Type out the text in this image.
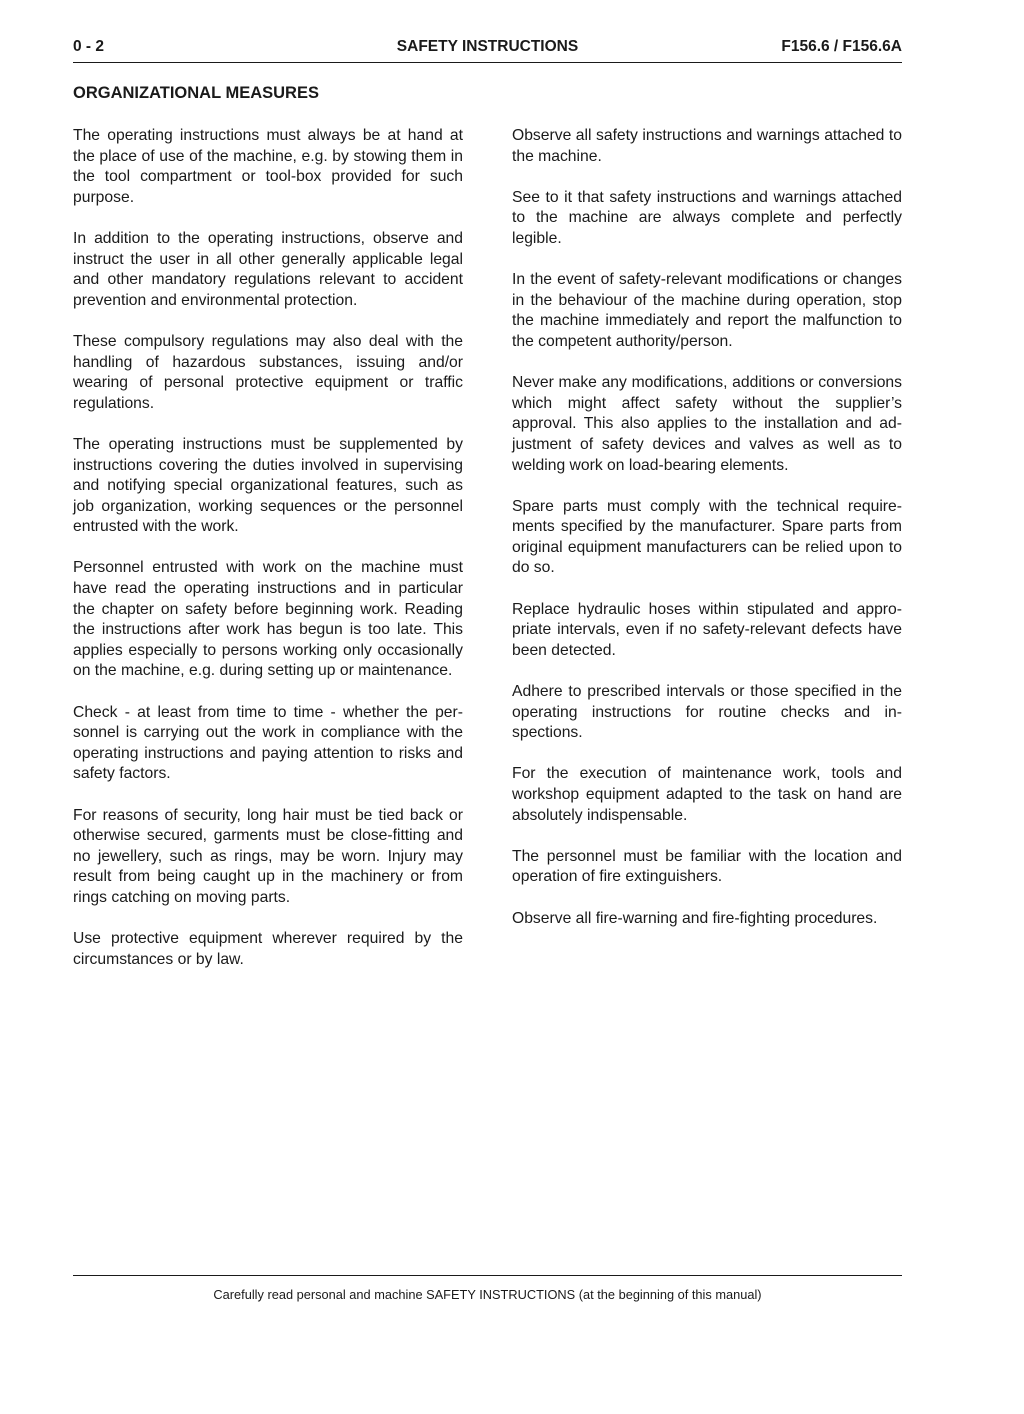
0 - 2	SAFETY INSTRUCTIONS	F156.6 / F156.6A
ORGANIZATIONAL MEASURES

The operating instructions must always be at hand at the place of use of the machine, e.g. by stowing them in the tool compartment or tool-box provided for such purpose.

In addition to the operating instructions, observe and instruct the user in all other generally applicable legal and other mandatory regulations relevant to accident prevention and environmental protection.

These compulsory regulations may also deal with the handling of hazardous substances, issuing and/or wearing of personal protective equipment or traffic regulations.

The operating instructions must be supplemented by instructions covering the duties involved in supervising and notifying special organizational features, such as job organization, working sequences or the personnel entrusted with the work.

Personnel entrusted with work on the machine must have read the operating instructions and in particular the chapter on safety before beginning work. Reading the instructions after work has begun is too late. This applies especially to persons working only occasionally on the machine, e.g. during setting up or maintenance.

Check - at least from time to time - whether the personnel is carrying out the work in compliance with the operating instructions and paying attention to risks and safety factors.

For reasons of security, long hair must be tied back or otherwise secured, garments must be close-fitting and no jewellery, such as rings, may be worn. Injury may result from being caught up in the machinery or from rings catching on moving parts.

Use protective equipment wherever required by the circumstances or by law.

Observe all safety instructions and warnings attached to the machine.

See to it that safety instructions and warnings attached to the machine are always complete and perfectly legible.

In the event of safety-relevant modifications or changes in the behaviour of the machine during operation, stop the machine immediately and report the malfunction to the competent authority/person.

Never make any modifications, additions or conversions which might affect safety without the supplier’s approval. This also applies to the installation and adjustment of safety devices and valves as well as to welding work on load-bearing elements.

Spare parts must comply with the technical requirements specified by the manufacturer. Spare parts from original equipment manufacturers can be relied upon to do so.

Replace hydraulic hoses within stipulated and appropriate intervals, even if no safety-relevant defects have been detected.

Adhere to prescribed intervals or those specified in the operating instructions for routine checks and inspections.

For the execution of maintenance work, tools and workshop equipment adapted to the task on hand are absolutely indispensable.

The personnel must be familiar with the location and operation of fire extinguishers.

Observe all fire-warning and fire-fighting procedures.

Carefully read personal and machine SAFETY INSTRUCTIONS (at the beginning of this manual)
